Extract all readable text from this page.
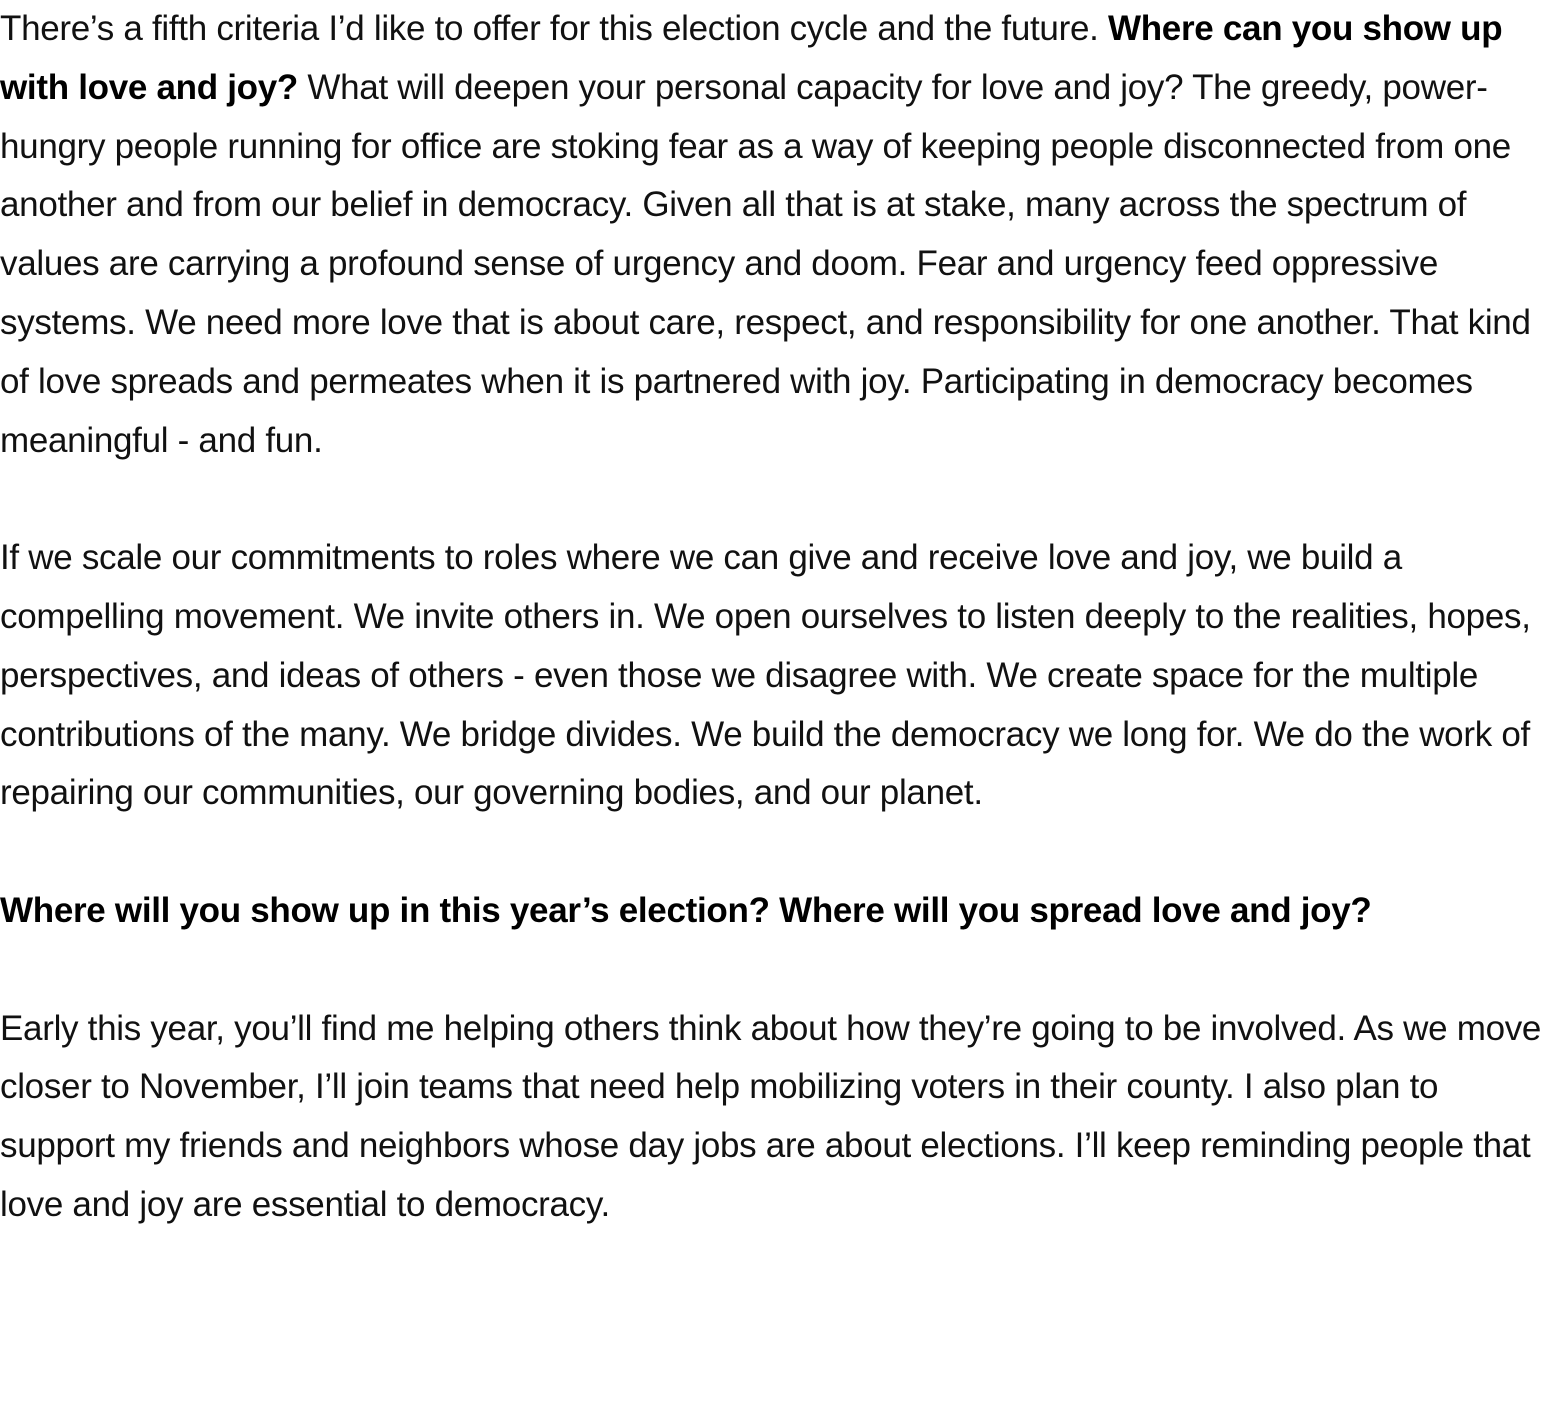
There’s a fifth criteria I’d like to offer for this election cycle and the future. Where can you show up with love and joy? What will deepen your personal capacity for love and joy? The greedy, power-hungry people running for office are stoking fear as a way of keeping people disconnected from one another and from our belief in democracy. Given all that is at stake, many across the spectrum of values are carrying a profound sense of urgency and doom. Fear and urgency feed oppressive systems. We need more love that is about care, respect, and responsibility for one another. That kind of love spreads and permeates when it is partnered with joy. Participating in democracy becomes meaningful - and fun.

If we scale our commitments to roles where we can give and receive love and joy, we build a compelling movement. We invite others in. We open ourselves to listen deeply to the realities, hopes, perspectives, and ideas of others - even those we disagree with. We create space for the multiple contributions of the many. We bridge divides. We build the democracy we long for. We do the work of repairing our communities, our governing bodies, and our planet.

Where will you show up in this year’s election? Where will you spread love and joy?

Early this year, you’ll find me helping others think about how they’re going to be involved. As we move closer to November, I’ll join teams that need help mobilizing voters in their county. I also plan to support my friends and neighbors whose day jobs are about elections. I’ll keep reminding people that love and joy are essential to democracy.
